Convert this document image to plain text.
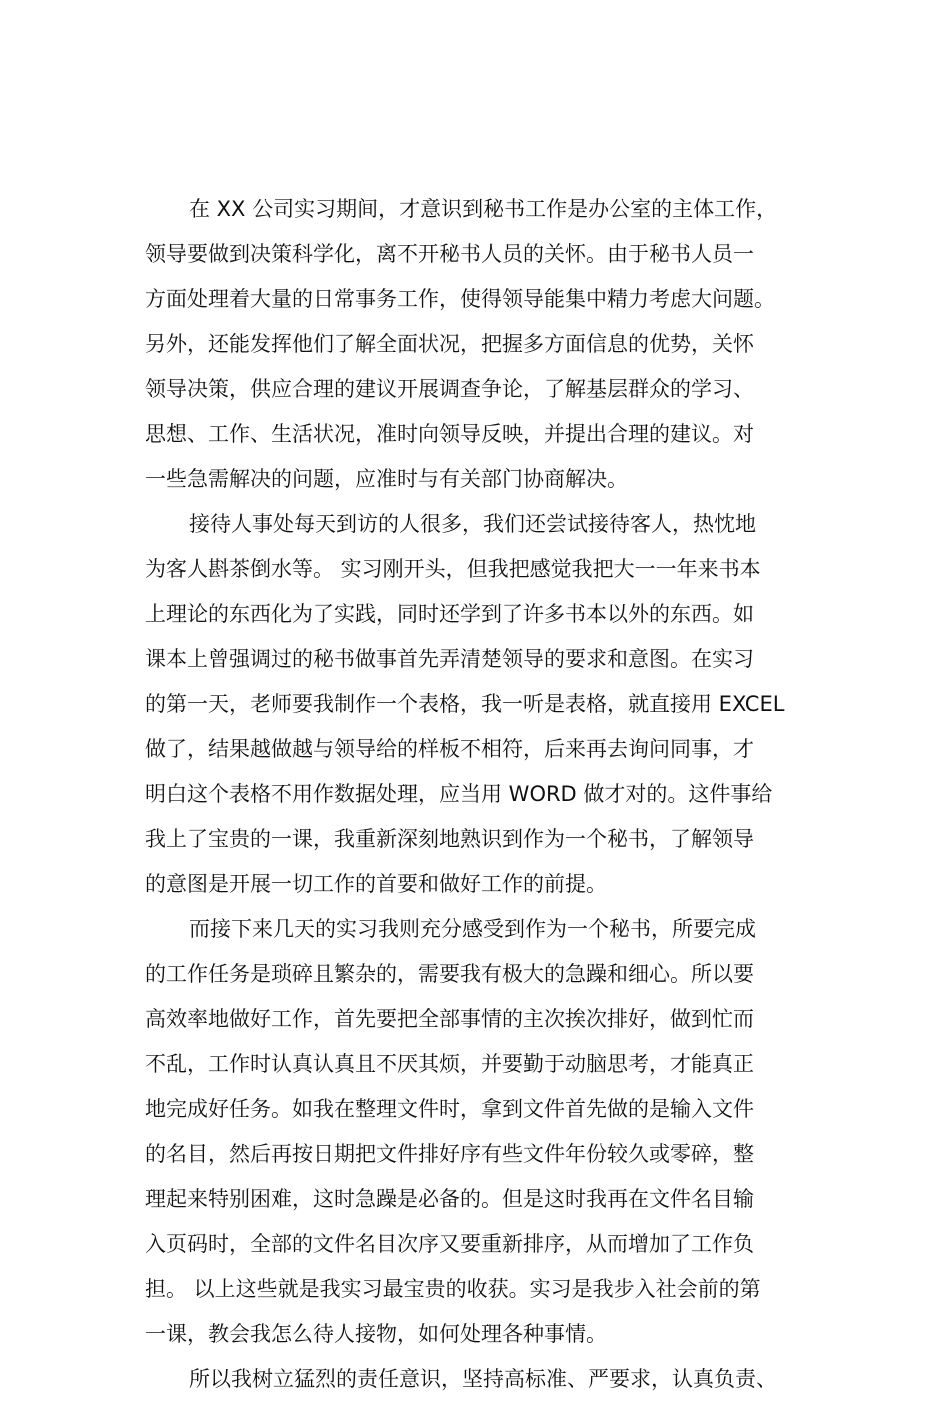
在 XX 公司实习期间，才意识到秘书工作是办公室的主体工作，
领导要做到决策科学化，离不开秘书人员的关怀。由于秘书人员一
方面处理着大量的日常事务工作，使得领导能集中精力考虑大问题。
另外，还能发挥他们了解全面状况，把握多方面信息的优势，关怀
领导决策，供应合理的建议开展调查争论，了解基层群众的学习、
思想、工作、生活状况，准时向领导反映，并提出合理的建议。对
一些急需解决的问题，应准时与有关部门协商解决。
接待人事处每天到访的人很多，我们还尝试接待客人，热忱地
为客人斟茶倒水等。 实习刚开头，但我把感觉我把大一一年来书本
上理论的东西化为了实践，同时还学到了许多书本以外的东西。如
课本上曾强调过的秘书做事首先弄清楚领导的要求和意图。在实习
的第一天，老师要我制作一个表格，我一听是表格，就直接用 EXCEL
做了，结果越做越与领导给的样板不相符，后来再去询问同事，才
明白这个表格不用作数据处理，应当用 WORD 做才对的。这件事给
我上了宝贵的一课，我重新深刻地熟识到作为一个秘书，了解领导
的意图是开展一切工作的首要和做好工作的前提。
而接下来几天的实习我则充分感受到作为一个秘书，所要完成
的工作任务是琐碎且繁杂的，需要我有极大的急躁和细心。所以要
高效率地做好工作，首先要把全部事情的主次挨次排好，做到忙而
不乱，工作时认真认真且不厌其烦，并要勤于动脑思考，才能真正
地完成好任务。如我在整理文件时，拿到文件首先做的是输入文件
的名目，然后再按日期把文件排好序有些文件年份较久或零碎，整
理起来特别困难，这时急躁是必备的。但是这时我再在文件名目输
入页码时，全部的文件名目次序又要重新排序，从而增加了工作负
担。 以上这些就是我实习最宝贵的收获。实习是我步入社会前的第
一课，教会我怎么待人接物，如何处理各种事情。
所以我树立猛烈的责任意识，坚持高标准、严要求，认真负责、
